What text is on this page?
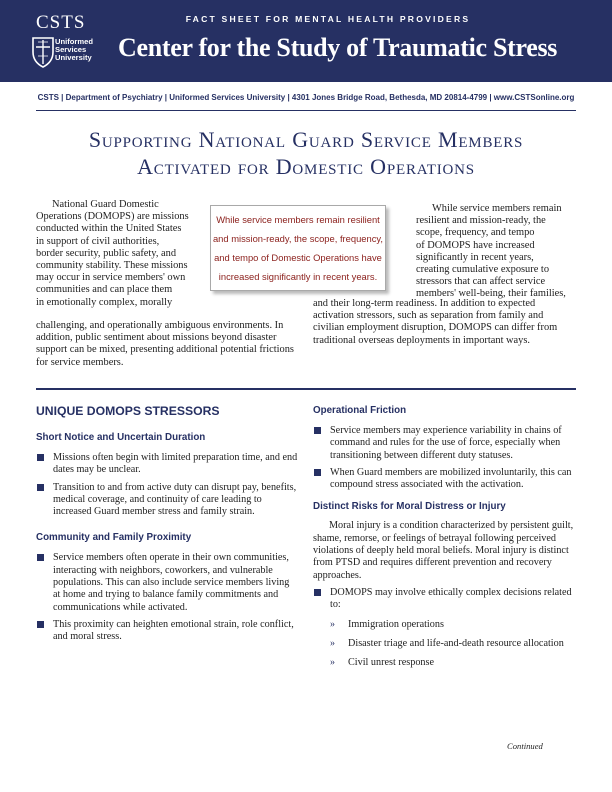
CSTS
Uniformed
Services
University
FACT SHEET FOR MENTAL HEALTH PROVIDERS
Center for the Study of Traumatic Stress
CSTS | Department of Psychiatry | Uniformed Services University | 4301 Jones Bridge Road, Bethesda, MD 20814-4799 | www.CSTSonline.org
Supporting National Guard Service Members
Activated for Domestic Operations
National Guard Domestic
Operations (DOMOPS) are missions
conducted within the United States
in support of civil authorities,
border security, public safety, and
community stability. These missions
may occur in service members' own
communities and can place them
in emotionally complex, morally
challenging, and operationally ambiguous environments. In addition, public sentiment about missions beyond disaster support can be mixed, presenting additional potential frictions for service members.
While service members remain resilient
and mission-ready, the scope, frequency,
and tempo of Domestic Operations have
increased significantly in recent years.
While service members remain
resilient and mission-ready, the
scope, frequency, and tempo
of DOMOPS have increased
significantly in recent years,
creating cumulative exposure to
stressors that can affect service
members' well-being, their families,
and their long-term readiness. In addition to expected activation stressors, such as separation from family and civilian employment disruption, DOMOPS can differ from traditional overseas deployments in important ways.
UNIQUE DOMOPS STRESSORS
Short Notice and Uncertain Duration
Missions often begin with limited preparation time, and end dates may be unclear.
Transition to and from active duty can disrupt pay, benefits, medical coverage, and continuity of care leading to increased Guard member stress and family strain.
Community and Family Proximity
Service members often operate in their own communities, interacting with neighbors, coworkers, and vulnerable populations. This can also include service members living at home and trying to balance family commitments and communications while activated.
This proximity can heighten emotional strain, role conflict, and moral stress.
Operational Friction
Service members may experience variability in chains of command and rules for the use of force, especially when transitioning between different duty statuses.
When Guard members are mobilized involuntarily, this can compound stress associated with the activation.
Distinct Risks for Moral Distress or Injury
Moral injury is a condition characterized by persistent guilt, shame, remorse, or feelings of betrayal following perceived violations of deeply held moral beliefs. Moral injury is distinct from PTSD and requires different prevention and recovery approaches.
DOMOPS may involve ethically complex decisions related to:
» Immigration operations
» Disaster triage and life-and-death resource allocation
» Civil unrest response
Continued
